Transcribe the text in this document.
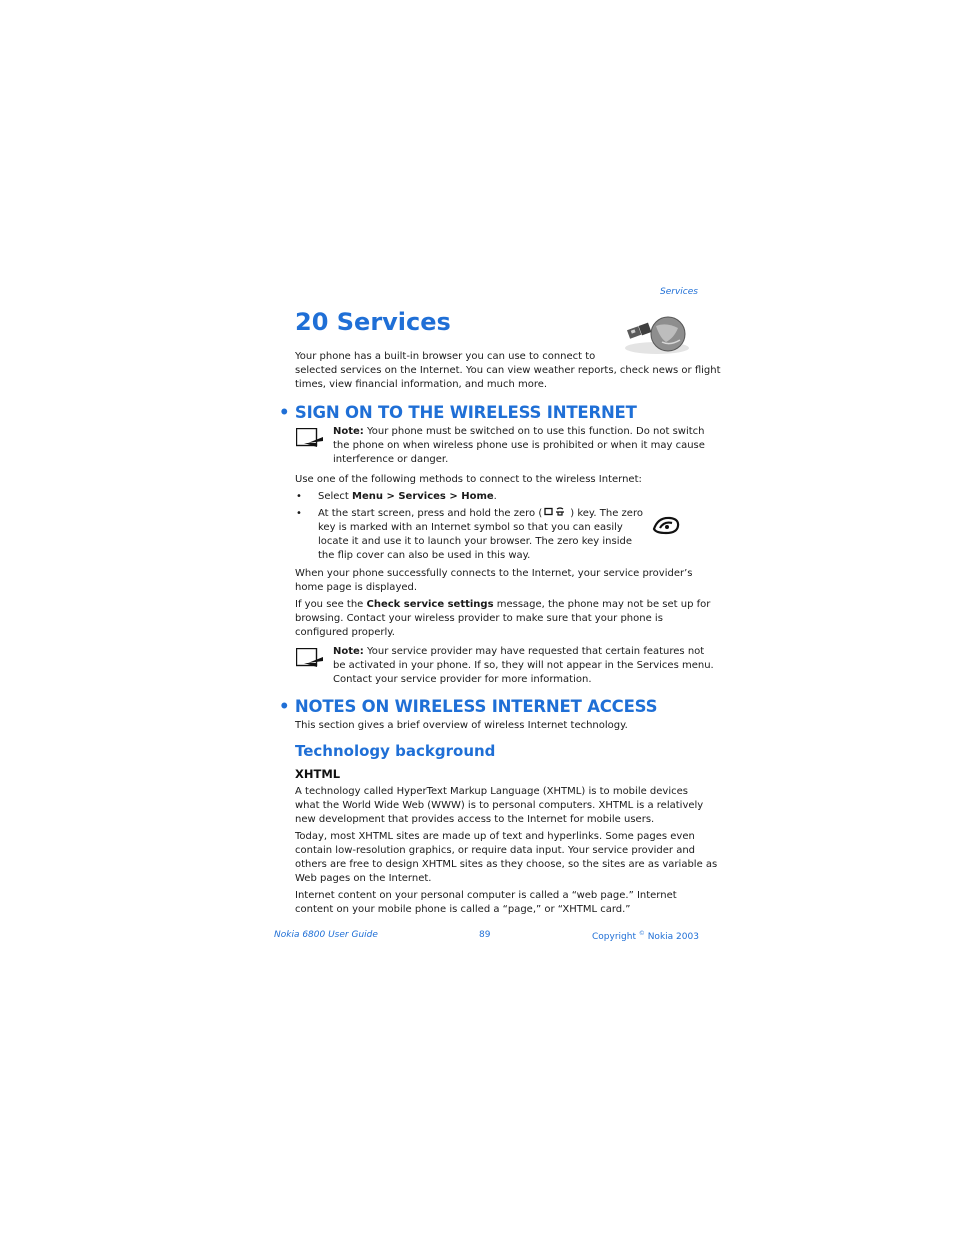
Services
20 Services

Your phone has a built-in browser you can use to connect to

selected services on the Internet. You can view weather reports, check news or flight

times, view financial information, and much more.

• SIGN ON TO THE WIRELESS INTERNET

Note: Your phone must be switched on to use this function. Do not switch

the phone on when wireless phone use is prohibited or when it may cause

interference or danger.

Use one of the following methods to connect to the wireless Internet:

• Select Menu > Services > Home.

• At the start screen, press and hold the zero (	) key. The zero

key is marked with an Internet symbol so that you can easily

locate it and use it to launch your browser. The zero key inside

the flip cover can also be used in this way.

When your phone successfully connects to the Internet, your service provider’s

home page is displayed.

If you see the Check service settings message, the phone may not be set up for

browsing. Contact your wireless provider to make sure that your phone is

configured properly.

Note: Your service provider may have requested that certain features not

be activated in your phone. If so, they will not appear in the Services menu.

Contact your service provider for more information.

• NOTES ON WIRELESS INTERNET ACCESS

This section gives a brief overview of wireless Internet technology.

Technology background
XHTML

A technology called HyperText Markup Language (XHTML) is to mobile devices

what the World Wide Web (WWW) is to personal computers. XHTML is a relatively

new development that provides access to the Internet for mobile users.

Today, most XHTML sites are made up of text and hyperlinks. Some pages even

contain low-resolution graphics, or require data input. Your service provider and

others are free to design XHTML sites as they choose, so the sites are as variable as

Web pages on the Internet.

Internet content on your personal computer is called a “web page.” Internet

content on your mobile phone is called a “page,” or “XHTML card.”

Nokia 6800 User Guide	89	Copyright © Nokia 2003
